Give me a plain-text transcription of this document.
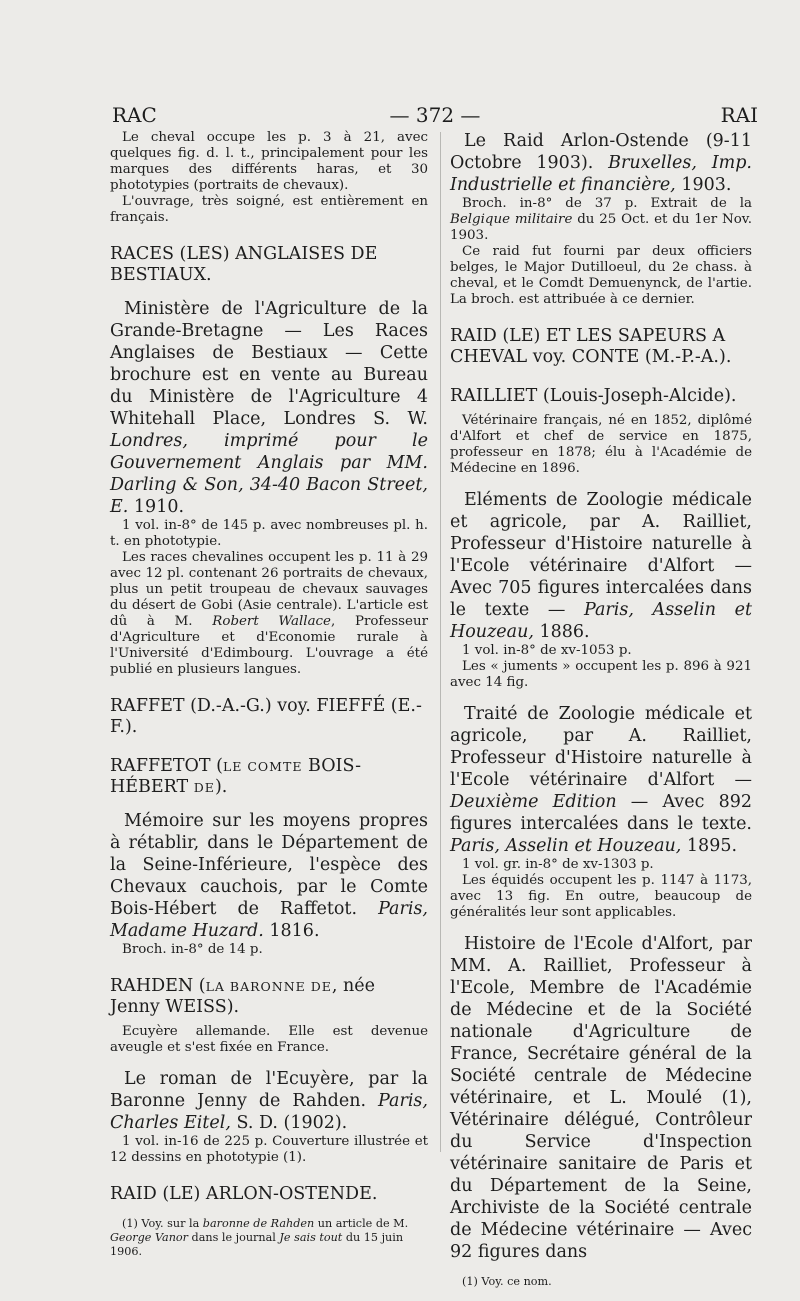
RAC	— 372 —	RAI

Le cheval occupe les p. 3 à 21, avec quelques fig. d. l. t., principalement pour les marques des différents haras, et 30 phototypies (portraits de chevaux).

L'ouvrage, très soigné, est entièrement en français.

RACES (LES) ANGLAISES DE BESTIAUX.

Ministère de l'Agriculture de la Grande-Bretagne — Les Races Anglaises de Bestiaux — Cette brochure est en vente au Bureau du Ministère de l'Agriculture 4 Whitehall Place, Londres S. W. Londres, imprimé pour le Gouvernement Anglais par MM. Darling & Son, 34-40 Bacon Street, E. 1910.

1 vol. in-8° de 145 p. avec nombreuses pl. h. t. en phototypie.

Les races chevalines occupent les p. 11 à 29 avec 12 pl. contenant 26 portraits de chevaux, plus un petit troupeau de chevaux sauvages du désert de Gobi (Asie centrale). L'article est dû à M. Robert Wallace, Professeur d'Agriculture et d'Economie rurale à l'Université d'Edimbourg. L'ouvrage a été publié en plusieurs langues.

RAFFET (D.-A.-G.) voy. FIEFFÉ (E.-F.).

RAFFETOT (LE COMTE BOIS-HÉBERT DE).

Mémoire sur les moyens propres à rétablir, dans le Département de la Seine-Inférieure, l'espèce des Chevaux cauchois, par le Comte Bois-Hébert de Raffetot. Paris, Madame Huzard. 1816.

Broch. in-8° de 14 p.

RAHDEN (LA BARONNE DE, née Jenny WEISS).

Ecuyère allemande. Elle est devenue aveugle et s'est fixée en France.

Le roman de l'Ecuyère, par la Baronne Jenny de Rahden. Paris, Charles Eitel, S. D. (1902).

1 vol. in-16 de 225 p. Couverture illustrée et 12 dessins en phototypie (1).

RAID (LE) ARLON-OSTENDE.

(1) Voy. sur la baronne de Rahden un article de M. George Vanor dans le journal Je sais tout du 15 juin 1906.

Le Raid Arlon-Ostende (9-11 Octobre 1903). Bruxelles, Imp. Industrielle et financière, 1903.

Broch. in-8° de 37 p. Extrait de la Belgique militaire du 25 Oct. et du 1er Nov. 1903.

Ce raid fut fourni par deux officiers belges, le Major Dutilloeul, du 2e chass. à cheval, et le Comdt Demuenynck, de l'artie. La broch. est attribuée à ce dernier.

RAID (LE) ET LES SAPEURS A CHEVAL voy. CONTE (M.-P.-A.).

RAILLIET (Louis-Joseph-Alcide).

Vétérinaire français, né en 1852, diplômé d'Alfort et chef de service en 1875, professeur en 1878; élu à l'Académie de Médecine en 1896.

Eléments de Zoologie médicale et agricole, par A. Railliet, Professeur d'Histoire naturelle à l'Ecole vétérinaire d'Alfort — Avec 705 figures intercalées dans le texte — Paris, Asselin et Houzeau, 1886.

1 vol. in-8° de xv-1053 p.

Les « juments » occupent les p. 896 à 921 avec 14 fig.

Traité de Zoologie médicale et agricole, par A. Railliet, Professeur d'Histoire naturelle à l'Ecole vétérinaire d'Alfort — Deuxième Edition — Avec 892 figures intercalées dans le texte. Paris, Asselin et Houzeau, 1895.

1 vol. gr. in-8° de xv-1303 p.

Les équidés occupent les p. 1147 à 1173, avec 13 fig. En outre, beaucoup de généralités leur sont applicables.

Histoire de l'Ecole d'Alfort, par MM. A. Railliet, Professeur à l'Ecole, Membre de l'Académie de Médecine et de la Société nationale d'Agriculture de France, Secrétaire général de la Société centrale de Médecine vétérinaire, et L. Moulé (1), Vétérinaire délégué, Contrôleur du Service d'Inspection vétérinaire sanitaire de Paris et du Département de la Seine, Archiviste de la Société centrale de Médecine vétérinaire — Avec 92 figures dans

(1) Voy. ce nom.
